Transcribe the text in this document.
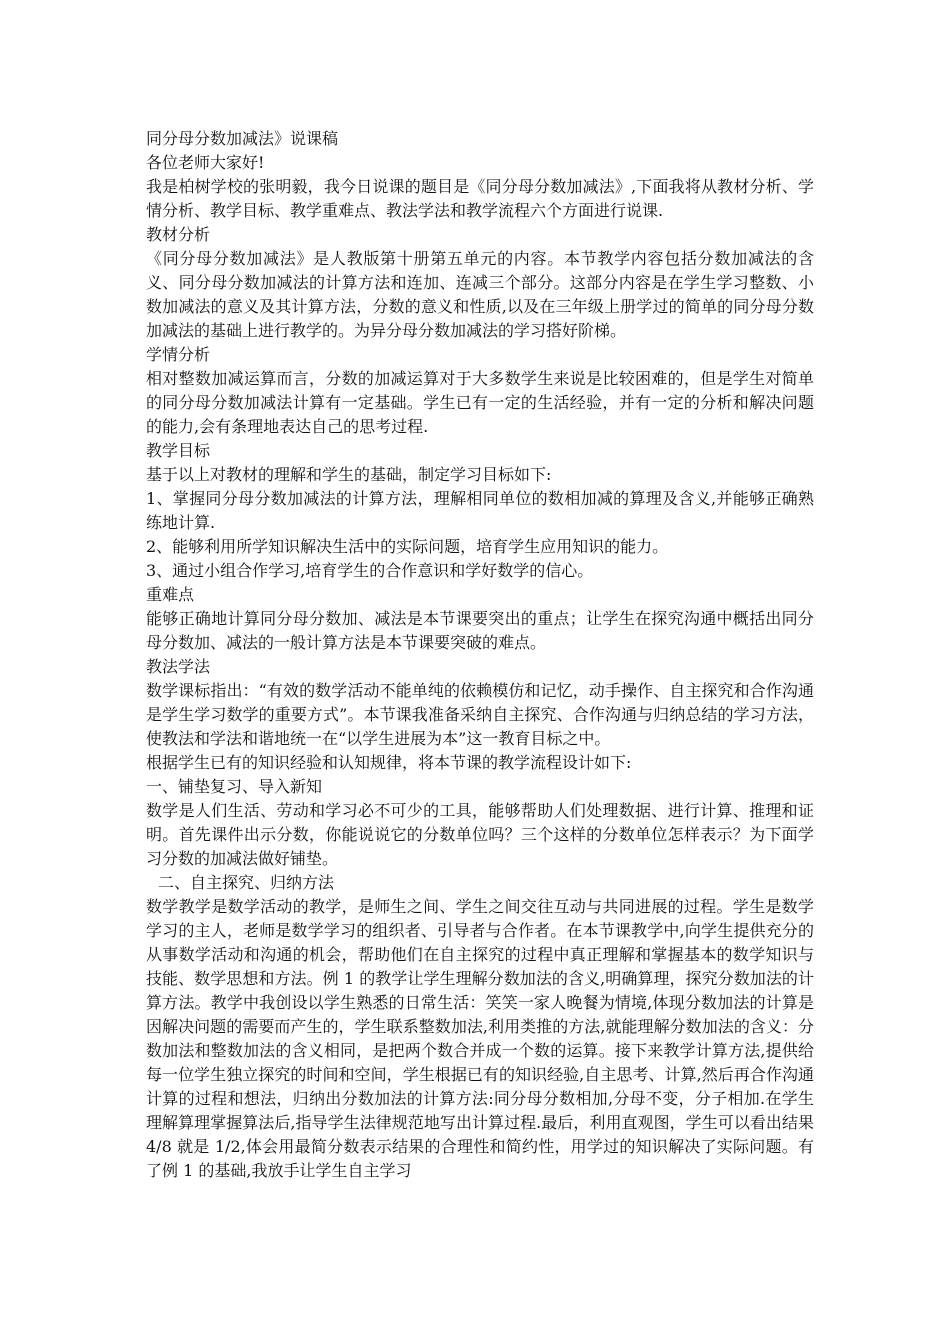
同分母分数加减法》说课稿

各位老师大家好!

我是柏树学校的张明毅，我今日说课的题目是《同分母分数加减法》,下面我将从教材分析、学情分析、教学目标、教学重难点、教法学法和教学流程六个方面进行说课.

教材分析

《同分母分数加减法》是人教版第十册第五单元的内容。本节教学内容包括分数加减法的含义、同分母分数加减法的计算方法和连加、连减三个部分。这部分内容是在学生学习整数、小数加减法的意义及其计算方法，分数的意义和性质,以及在三年级上册学过的简单的同分母分数加减法的基础上进行教学的。为异分母分数加减法的学习搭好阶梯。

学情分析

相对整数加减运算而言，分数的加减运算对于大多数学生来说是比较困难的，但是学生对简单的同分母分数加减法计算有一定基础。学生已有一定的生活经验，并有一定的分析和解决问题的能力,会有条理地表达自己的思考过程.

教学目标

基于以上对教材的理解和学生的基础，制定学习目标如下:

1、掌握同分母分数加减法的计算方法，理解相同单位的数相加减的算理及含义,并能够正确熟练地计算.

2、能够利用所学知识解决生活中的实际问题，培育学生应用知识的能力。

3、通过小组合作学习,培育学生的合作意识和学好数学的信心。

重难点

能够正确地计算同分母分数加、减法是本节课要突出的重点；让学生在探究沟通中概括出同分母分数加、减法的一般计算方法是本节课要突破的难点。

教法学法

数学课标指出：“有效的数学活动不能单纯的依赖模仿和记忆，动手操作、自主探究和合作沟通是学生学习数学的重要方式”。本节课我准备采纳自主探究、合作沟通与归纳总结的学习方法，使教法和学法和谐地统一在“以学生进展为本”这一教育目标之中。

根据学生已有的知识经验和认知规律，将本节课的教学流程设计如下:

一、铺垫复习、导入新知

数学是人们生活、劳动和学习必不可少的工具，能够帮助人们处理数据、进行计算、推理和证明。首先课件出示分数，你能说说它的分数单位吗？三个这样的分数单位怎样表示？为下面学习分数的加减法做好铺垫。

二、自主探究、归纳方法

数学教学是数学活动的教学，是师生之间、学生之间交往互动与共同进展的过程。学生是数学学习的主人，老师是数学学习的组织者、引导者与合作者。在本节课教学中,向学生提供充分的从事数学活动和沟通的机会，帮助他们在自主探究的过程中真正理解和掌握基本的数学知识与技能、数学思想和方法。例 1 的教学让学生理解分数加法的含义,明确算理，探究分数加法的计算方法。教学中我创设以学生熟悉的日常生活：笑笑一家人晚餐为情境,体现分数加法的计算是因解决问题的需要而产生的，学生联系整数加法,利用类推的方法,就能理解分数加法的含义：分数加法和整数加法的含义相同，是把两个数合并成一个数的运算。接下来教学计算方法,提供给每一位学生独立探究的时间和空间，学生根据已有的知识经验,自主思考、计算,然后再合作沟通计算的过程和想法，归纳出分数加法的计算方法:同分母分数相加,分母不变，分子相加.在学生理解算理掌握算法后,指导学生法律规范地写出计算过程.最后，利用直观图，学生可以看出结果 4/8 就是 1/2,体会用最简分数表示结果的合理性和简约性，用学过的知识解决了实际问题。有了例 1 的基础,我放手让学生自主学习
